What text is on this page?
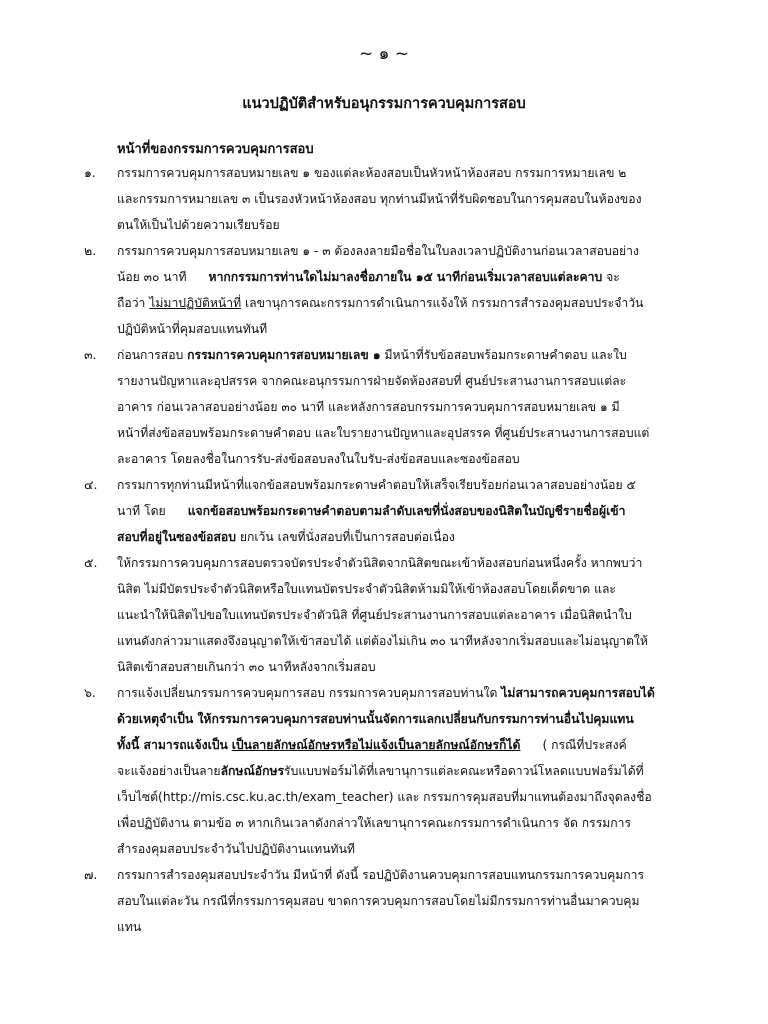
~ ๑ ~
แนวปฏิบัติสำหรับอนุกรรมการควบคุมการสอบ
หน้าที่ของกรรมการควบคุมการสอบ
๑.	กรรมการควบคุมการสอบหมายเลข ๑ ของแต่ละห้องสอบเป็นหัวหน้าห้องสอบ กรรมการหมายเลข ๒
และกรรมการหมายเลข ๓ เป็นรองหัวหน้าห้องสอบ ทุกท่านมีหน้าที่รับผิดชอบในการคุมสอบในห้องของ
ตนให้เป็นไปด้วยความเรียบร้อย
๒.	กรรมการควบคุมการสอบหมายเลข ๑ - ๓ ต้องลงลายมือชื่อในใบลงเวลาปฏิบัติงานก่อนเวลาสอบอย่าง
น้อย ๓๐ นาที หากกรรมการท่านใดไม่มาลงชื่อภายใน ๑๕ นาทีก่อนเริ่มเวลาสอบแต่ละคาบ จะ
ถือว่า ไม่มาปฏิบัติหน้าที่ เลขานุการคณะกรรมการดำเนินการแจ้งให้ กรรมการสำรองคุมสอบประจำวัน
ปฏิบัติหน้าที่คุมสอบแทนทันที
๓.	ก่อนการสอบ กรรมการควบคุมการสอบหมายเลข ๑ มีหน้าที่รับข้อสอบพร้อมกระดาษคำตอบ และใบ
รายงานปัญหาและอุปสรรค จากคณะอนุกรรมการฝ่ายจัดห้องสอบที่ ศูนย์ประสานงานการสอบแต่ละ
อาคาร ก่อนเวลาสอบอย่างน้อย ๓๐ นาที และหลังการสอบกรรมการควบคุมการสอบหมายเลข ๑ มี
หน้าที่ส่งข้อสอบพร้อมกระดาษคำตอบ และใบรายงานปัญหาและอุปสรรค ที่ศูนย์ประสานงานการสอบแต่
ละอาคาร โดยลงชื่อในการรับ-ส่งข้อสอบลงในใบรับ-ส่งข้อสอบและซองข้อสอบ
๔.	กรรมการทุกท่านมีหน้าที่แจกข้อสอบพร้อมกระดาษคำตอบให้เสร็จเรียบร้อยก่อนเวลาสอบอย่างน้อย ๕
นาที โดย แจกข้อสอบพร้อมกระดาษคำตอบตามลำดับเลขที่นั่งสอบของนิสิตในบัญชีรายชื่อผู้เข้า
สอบที่อยู่ในซองข้อสอบ ยกเว้น เลขที่นั่งสอบที่เป็นการสอบต่อเนื่อง
๕.	ให้กรรมการควบคุมการสอบตรวจบัตรประจำตัวนิสิตจากนิสิตขณะเข้าห้องสอบก่อนหนึ่งครั้ง หากพบว่า
นิสิต ไม่มีบัตรประจำตัวนิสิตหรือใบแทนบัตรประจำตัวนิสิตห้ามมิให้เข้าห้องสอบโดยเด็ดขาด และ
แนะนำให้นิสิตไปขอใบแทนบัตรประจำตัวนิสิ ที่ศูนย์ประสานงานการสอบแต่ละอาคาร เมื่อนิสิตนำใบ
แทนดังกล่าวมาแสดงจึงอนุญาตให้เข้าสอบได้ แต่ต้องไม่เกิน ๓๐ นาทีหลังจากเริ่มสอบและไม่อนุญาตให้
นิสิตเข้าสอบสายเกินกว่า ๓๐ นาทีหลังจากเริ่มสอบ
๖.	การแจ้งเปลี่ยนกรรมการควบคุมการสอบ กรรมการควบคุมการสอบท่านใด ไม่สามารถควบคุมการสอบได้
ด้วยเหตุจำเป็น ให้กรรมการควบคุมการสอบท่านนั้นจัดการแลกเปลี่ยนกับกรรมการท่านอื่นไปคุมแทน
ทั้งนี้ สามารถแจ้งเป็น เป็นลายลักษณ์อักษรหรือไม่แจ้งเป็นลายลักษณ์อักษรก็ได้ ( กรณีที่ประสงค์
จะแจ้งอย่างเป็นลายลักษณ์อักษรรับแบบฟอร์มได้ที่เลขานุการแต่ละคณะหรือดาวน์โหลดแบบฟอร์มได้ที่
เว็บไซต์(http://mis.csc.ku.ac.th/exam_teacher) และ กรรมการคุมสอบที่มาแทนต้องมาถึงจุดลงชื่อ
เพื่อปฏิบัติงาน ตามข้อ ๓ หากเกินเวลาดังกล่าวให้เลขานุการคณะกรรมการดำเนินการ จัด กรรมการ
สำรองคุมสอบประจำวันไปปฏิบัติงานแทนทันที
๗.	กรรมการสำรองคุมสอบประจำวัน มีหน้าที่ ดังนี้ รอปฏิบัติงานควบคุมการสอบแทนกรรมการควบคุมการ
สอบในแต่ละวัน กรณีที่กรรมการคุมสอบ ขาดการควบคุมการสอบโดยไม่มีกรรมการท่านอื่นมาควบคุม
แทน
